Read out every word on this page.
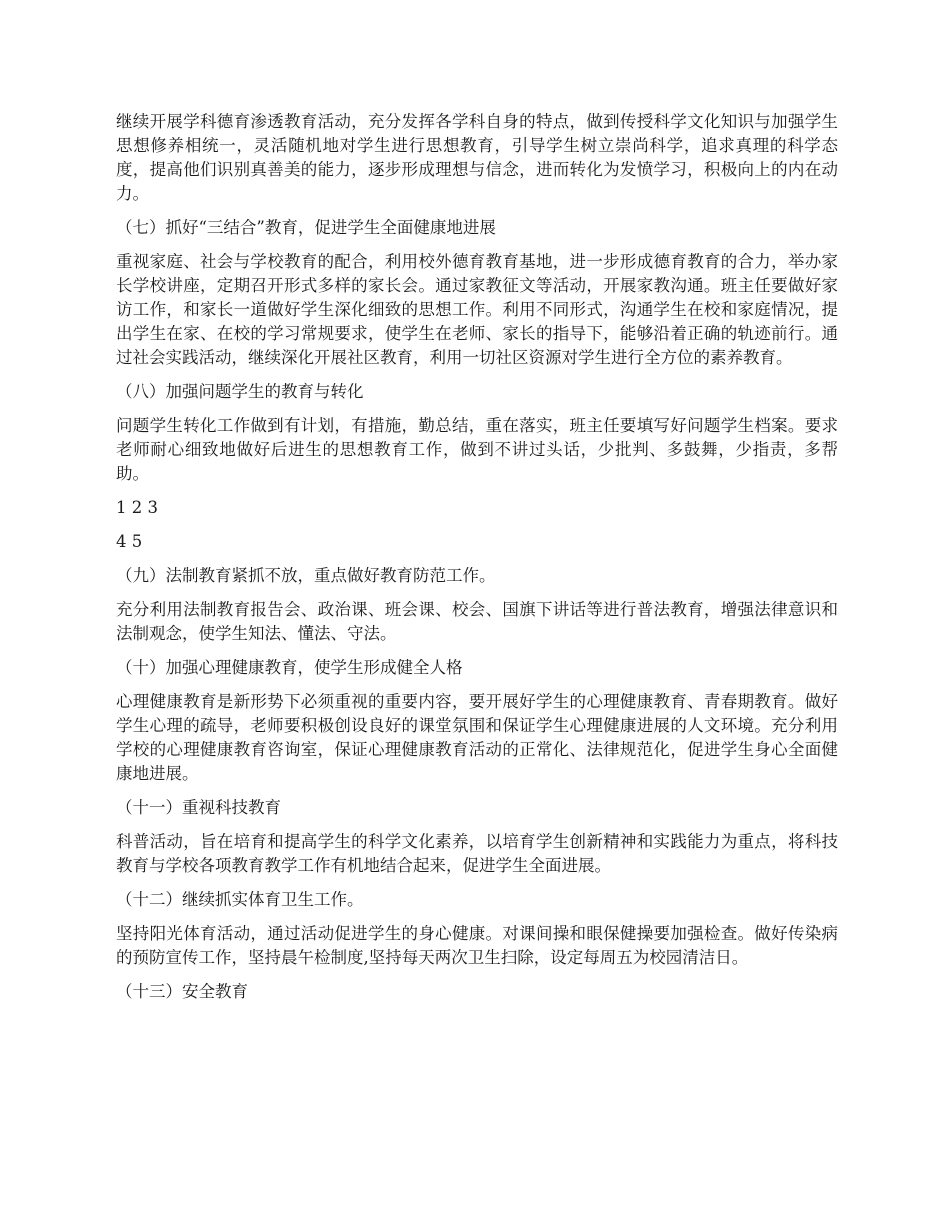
继续开展学科德育渗透教育活动，充分发挥各学科自身的特点，做到传授科学文化知识与加强学生思想修养相统一，灵活随机地对学生进行思想教育，引导学生树立崇尚科学，追求真理的科学态度，提高他们识别真善美的能力，逐步形成理想与信念，进而转化为发愤学习，积极向上的内在动力。

（七）抓好“三结合”教育，促进学生全面健康地进展

重视家庭、社会与学校教育的配合，利用校外德育教育基地，进一步形成德育教育的合力，举办家长学校讲座，定期召开形式多样的家长会。通过家教征文等活动，开展家教沟通。班主任要做好家访工作，和家长一道做好学生深化细致的思想工作。利用不同形式，沟通学生在校和家庭情况，提出学生在家、在校的学习常规要求，使学生在老师、家长的指导下，能够沿着正确的轨迹前行。通过社会实践活动，继续深化开展社区教育，利用一切社区资源对学生进行全方位的素养教育。

（八）加强问题学生的教育与转化

问题学生转化工作做到有计划，有措施，勤总结，重在落实，班主任要填写好问题学生档案。要求老师耐心细致地做好后进生的思想教育工作，做到不讲过头话，少批判、多鼓舞，少指责，多帮助。

1 2 3

4 5

（九）法制教育紧抓不放，重点做好教育防范工作。

充分利用法制教育报告会、政治课、班会课、校会、国旗下讲话等进行普法教育，增强法律意识和法制观念，使学生知法、懂法、守法。

（十）加强心理健康教育，使学生形成健全人格

心理健康教育是新形势下必须重视的重要内容，要开展好学生的心理健康教育、青春期教育。做好学生心理的疏导，老师要积极创设良好的课堂氛围和保证学生心理健康进展的人文环境。充分利用学校的心理健康教育咨询室，保证心理健康教育活动的正常化、法律规范化，促进学生身心全面健康地进展。

（十一）重视科技教育

科普活动，旨在培育和提高学生的科学文化素养，以培育学生创新精神和实践能力为重点，将科技教育与学校各项教育教学工作有机地结合起来，促进学生全面进展。

（十二）继续抓实体育卫生工作。

坚持阳光体育活动，通过活动促进学生的身心健康。对课间操和眼保健操要加强检查。做好传染病的预防宣传工作，坚持晨午检制度,坚持每天两次卫生扫除，设定每周五为校园清洁日。

（十三）安全教育
